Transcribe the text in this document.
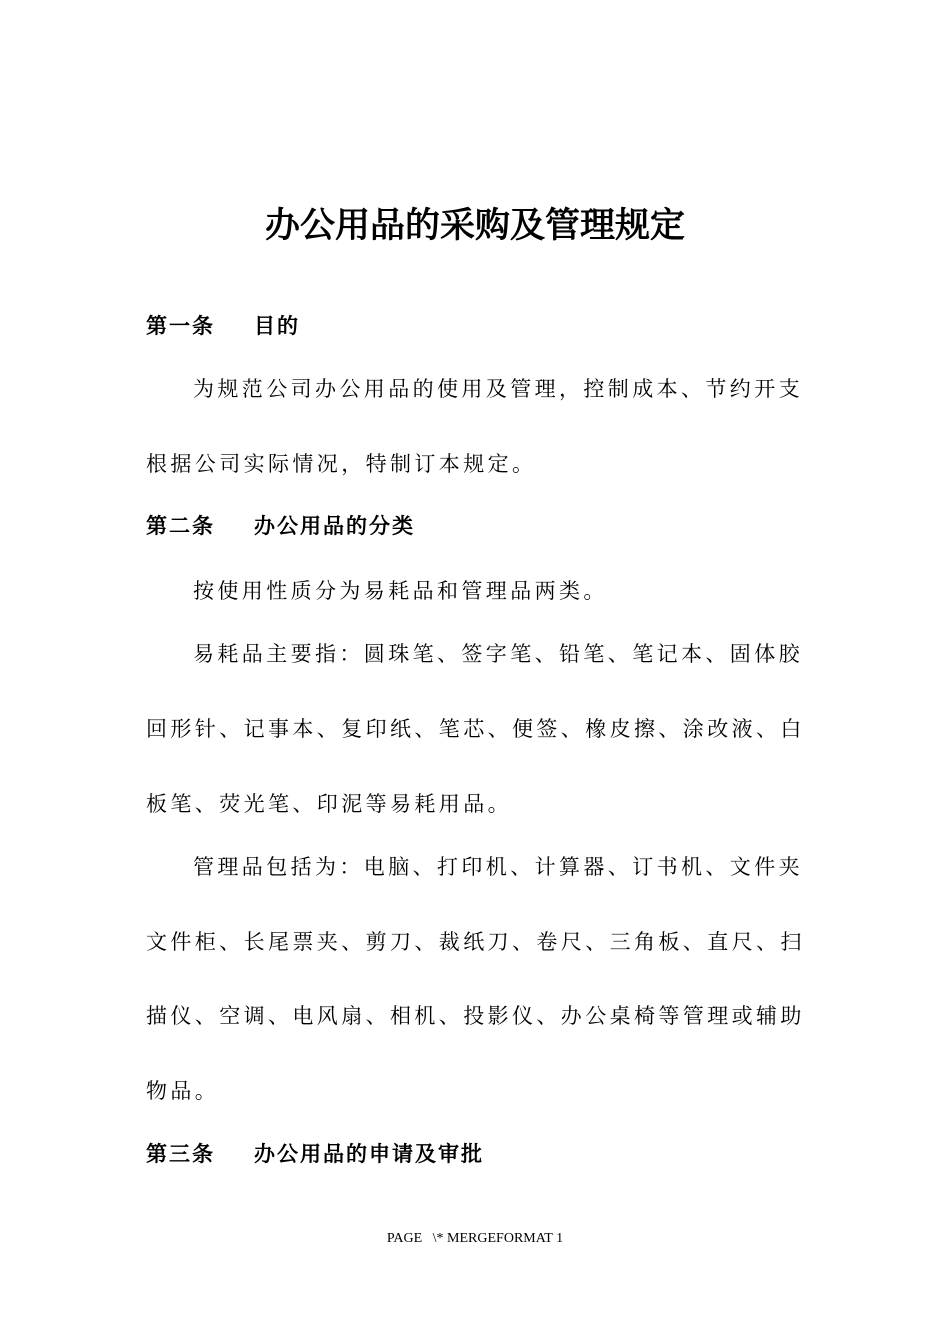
办公用品的采购及管理规定
第一条 目的
为规范公司办公用品的使用及管理，控制成本、节约开支
根据公司实际情况，特制订本规定。
第二条 办公用品的分类
按使用性质分为易耗品和管理品两类。
易耗品主要指：圆珠笔、签字笔、铅笔、笔记本、固体胶
回形针、记事本、复印纸、笔芯、便签、橡皮擦、涂改液、白
板笔、荧光笔、印泥等易耗用品。
管理品包括为：电脑、打印机、计算器、订书机、文件夹
文件柜、长尾票夹、剪刀、裁纸刀、卷尺、三角板、直尺、扫
描仪、空调、电风扇、相机、投影仪、办公桌椅等管理或辅助
物品。
第三条 办公用品的申请及审批
PAGE   \* MERGEFORMAT 1
